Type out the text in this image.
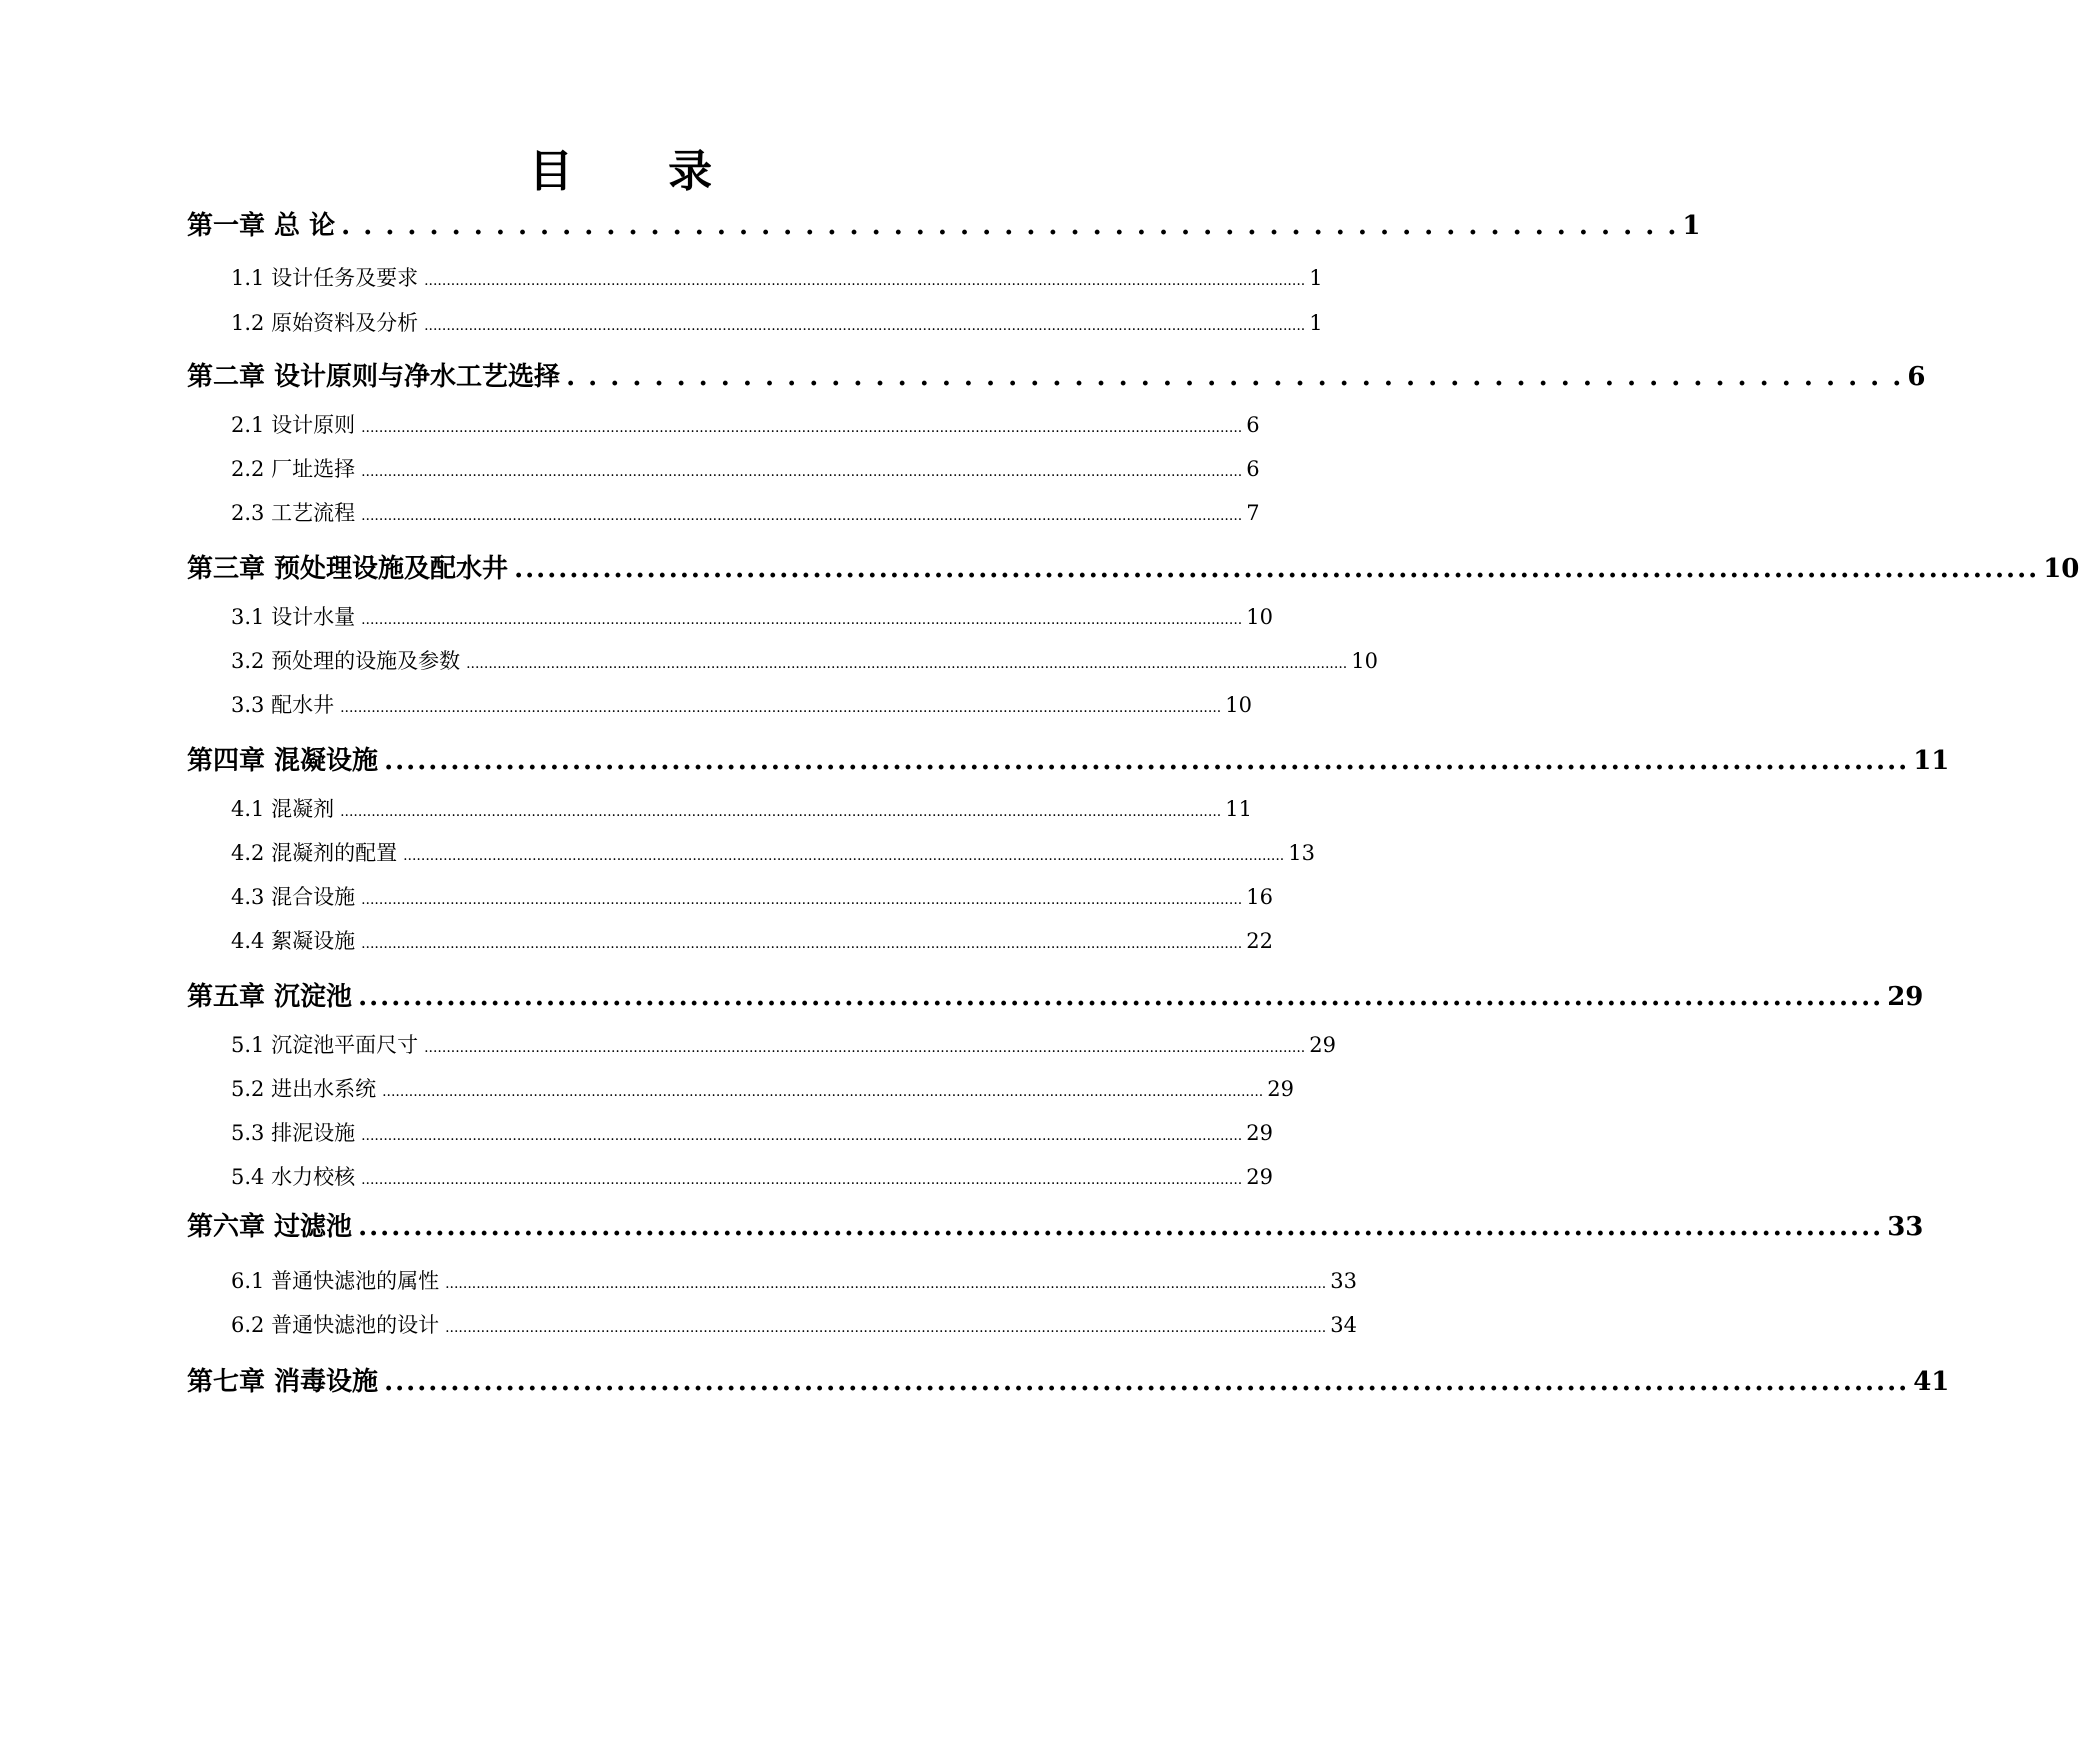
目 录
第一章 总 论 . . . . . . . . . . . . . . . . . . . . . . . . . . . . . . . . . . . . . . . . . . . . . . . . . . . . . . . . . . . . . 1
1.1 设计任务及要求 ...................................................................................................................................................................................................... 1
1.2 原始资料及分析 ...................................................................................................................................................................................................... 1
第二章 设计原则与净水工艺选择 . . . . . . . . . . . . . . . . . . . . . . . . . . . . . . . . . . . . . . . . . . . . . . . . . . . . . . . . . . . . . 6
2.1 设计原则 ...................................................................................................................................................................................................... 6
2.2 厂址选择 ...................................................................................................................................................................................................... 6
2.3 工艺流程 ...................................................................................................................................................................................................... 7
第三章 预处理设施及配水井 .......................................................................................................................................... 10
3.1 设计水量 ...................................................................................................................................................................................................... 10
3.2 预处理的设施及参数 ...................................................................................................................................................................................................... 10
3.3 配水井 ...................................................................................................................................................................................................... 10
第四章 混凝设施 .......................................................................................................................................... 11
4.1 混凝剂 ...................................................................................................................................................................................................... 11
4.2 混凝剂的配置 ...................................................................................................................................................................................................... 13
4.3 混合设施 ...................................................................................................................................................................................................... 16
4.4 絮凝设施 ...................................................................................................................................................................................................... 22
第五章 沉淀池 .......................................................................................................................................... 29
5.1 沉淀池平面尺寸 ...................................................................................................................................................................................................... 29
5.2 进出水系统 ...................................................................................................................................................................................................... 29
5.3 排泥设施 ...................................................................................................................................................................................................... 29
5.4 水力校核 ...................................................................................................................................................................................................... 29
第六章 过滤池 .......................................................................................................................................... 33
6.1 普通快滤池的属性 ...................................................................................................................................................................................................... 33
6.2 普通快滤池的设计 ...................................................................................................................................................................................................... 34
第七章 消毒设施 .......................................................................................................................................... 41
